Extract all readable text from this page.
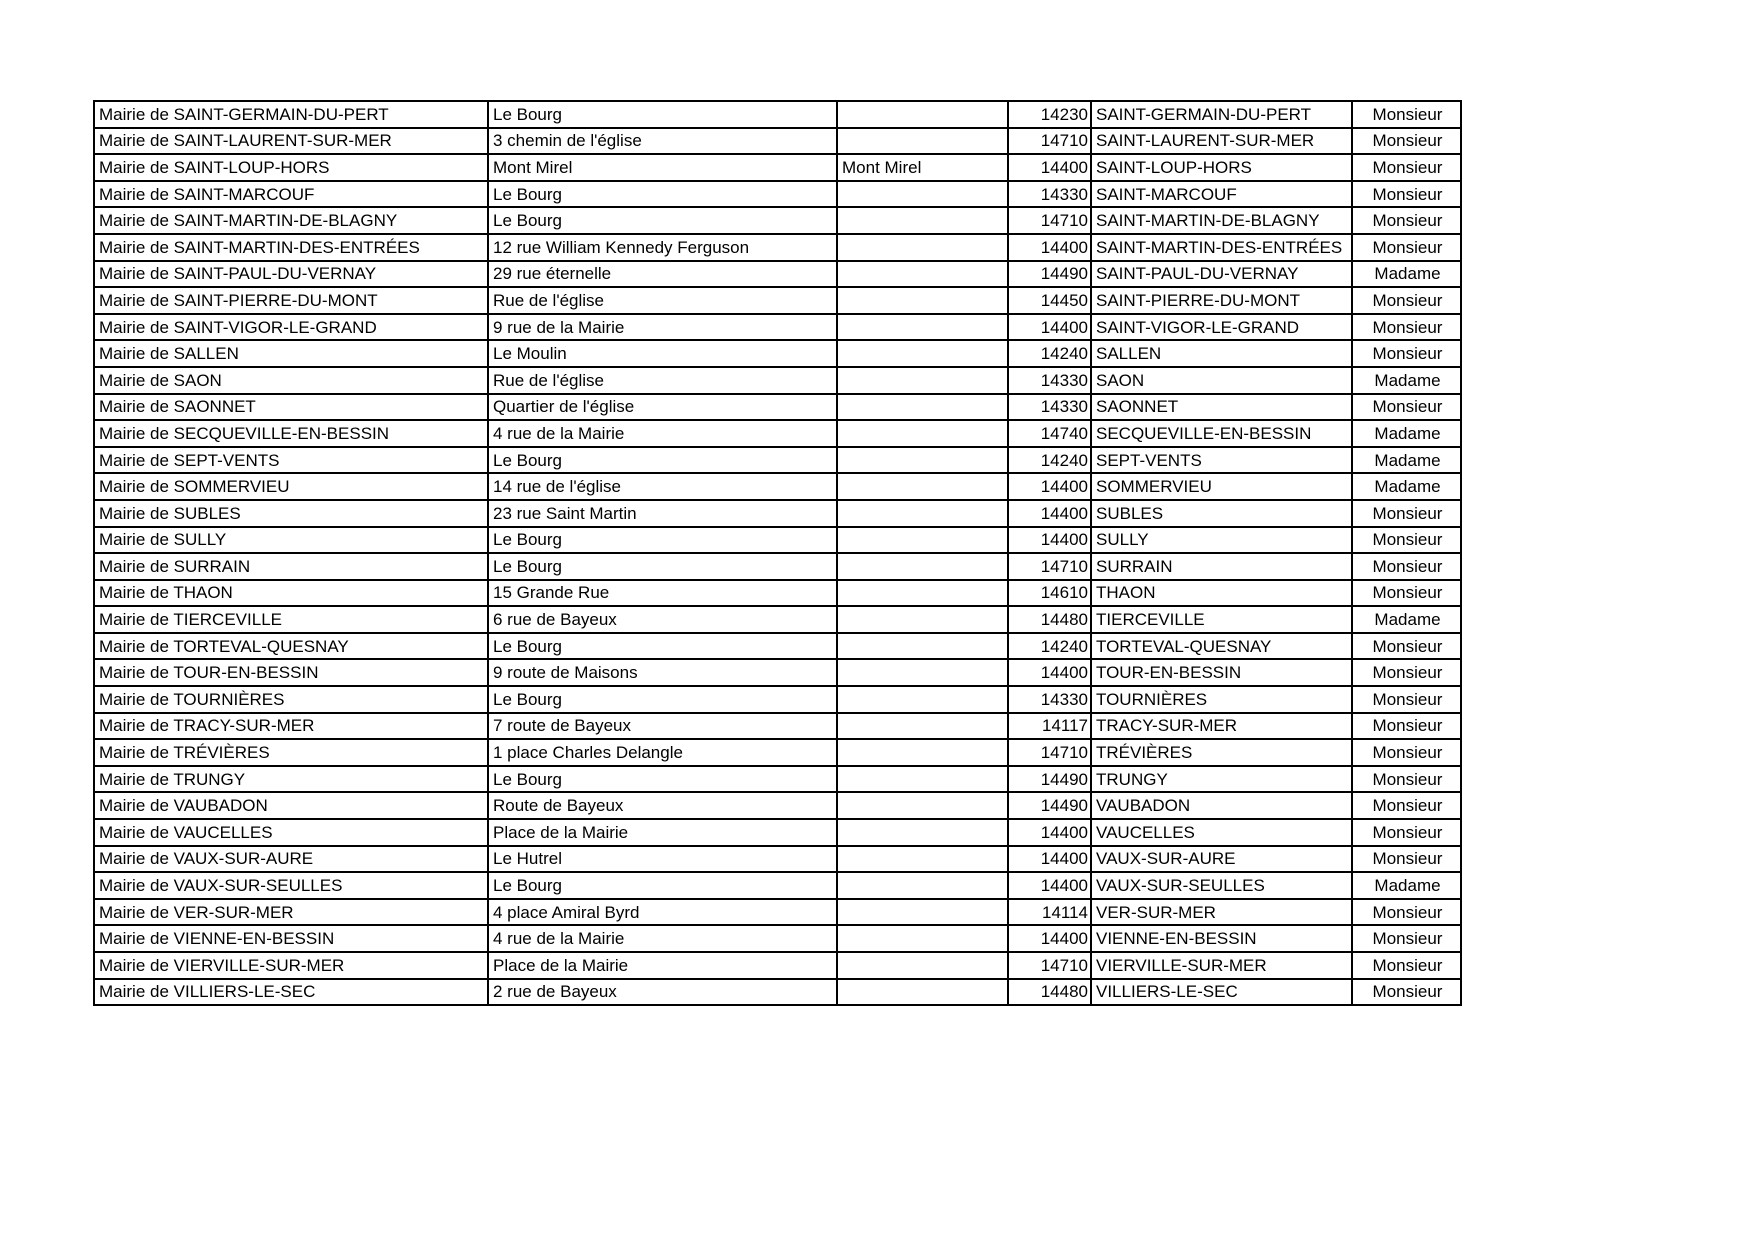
Mairie de SAINT-GERMAIN-DU-PERT	Le Bourg		14230	SAINT-GERMAIN-DU-PERT	Monsieur
Mairie de SAINT-LAURENT-SUR-MER	3 chemin de l'église		14710	SAINT-LAURENT-SUR-MER	Monsieur
Mairie de SAINT-LOUP-HORS	Mont Mirel	Mont Mirel	14400	SAINT-LOUP-HORS	Monsieur
Mairie de SAINT-MARCOUF	Le Bourg		14330	SAINT-MARCOUF	Monsieur
Mairie de SAINT-MARTIN-DE-BLAGNY	Le Bourg		14710	SAINT-MARTIN-DE-BLAGNY	Monsieur
Mairie de SAINT-MARTIN-DES-ENTRÉES	12 rue William Kennedy Ferguson		14400	SAINT-MARTIN-DES-ENTRÉES	Monsieur
Mairie de SAINT-PAUL-DU-VERNAY	29 rue éternelle		14490	SAINT-PAUL-DU-VERNAY	Madame
Mairie de SAINT-PIERRE-DU-MONT	Rue de l'église		14450	SAINT-PIERRE-DU-MONT	Monsieur
Mairie de SAINT-VIGOR-LE-GRAND	9 rue de la Mairie		14400	SAINT-VIGOR-LE-GRAND	Monsieur
Mairie de SALLEN	Le Moulin		14240	SALLEN	Monsieur
Mairie de SAON	Rue de l'église		14330	SAON	Madame
Mairie de SAONNET	Quartier de l'église		14330	SAONNET	Monsieur
Mairie de SECQUEVILLE-EN-BESSIN	4 rue de la Mairie		14740	SECQUEVILLE-EN-BESSIN	Madame
Mairie de SEPT-VENTS	Le Bourg		14240	SEPT-VENTS	Madame
Mairie de SOMMERVIEU	14 rue de l'église		14400	SOMMERVIEU	Madame
Mairie de SUBLES	23 rue Saint Martin		14400	SUBLES	Monsieur
Mairie de SULLY	Le Bourg		14400	SULLY	Monsieur
Mairie de SURRAIN	Le Bourg		14710	SURRAIN	Monsieur
Mairie de THAON	15 Grande Rue		14610	THAON	Monsieur
Mairie de TIERCEVILLE	6 rue de Bayeux		14480	TIERCEVILLE	Madame
Mairie de TORTEVAL-QUESNAY	Le Bourg		14240	TORTEVAL-QUESNAY	Monsieur
Mairie de TOUR-EN-BESSIN	9 route de Maisons		14400	TOUR-EN-BESSIN	Monsieur
Mairie de TOURNIÈRES	Le Bourg		14330	TOURNIÈRES	Monsieur
Mairie de TRACY-SUR-MER	7 route de Bayeux		14117	TRACY-SUR-MER	Monsieur
Mairie de TRÉVIÈRES	1 place Charles Delangle		14710	TRÉVIÈRES	Monsieur
Mairie de TRUNGY	Le Bourg		14490	TRUNGY	Monsieur
Mairie de VAUBADON	Route de Bayeux		14490	VAUBADON	Monsieur
Mairie de VAUCELLES	Place de la Mairie		14400	VAUCELLES	Monsieur
Mairie de VAUX-SUR-AURE	Le Hutrel		14400	VAUX-SUR-AURE	Monsieur
Mairie de VAUX-SUR-SEULLES	Le Bourg		14400	VAUX-SUR-SEULLES	Madame
Mairie de VER-SUR-MER	4 place Amiral Byrd		14114	VER-SUR-MER	Monsieur
Mairie de VIENNE-EN-BESSIN	4 rue de la Mairie		14400	VIENNE-EN-BESSIN	Monsieur
Mairie de VIERVILLE-SUR-MER	Place de la Mairie		14710	VIERVILLE-SUR-MER	Monsieur
Mairie de VILLIERS-LE-SEC	2 rue de Bayeux		14480	VILLIERS-LE-SEC	Monsieur
